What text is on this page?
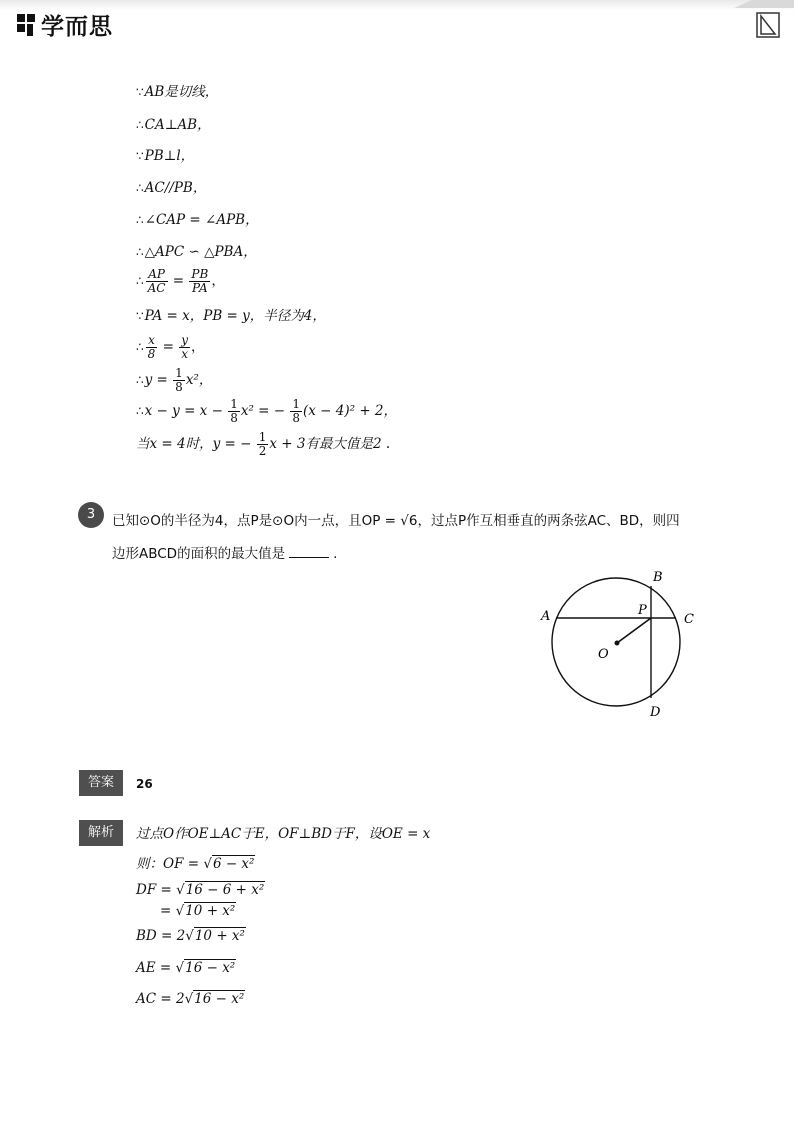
学而思
∵AB是切线，
∴CA⊥AB，
∵PB⊥l，
∴AC//PB，
∴∠CAP = ∠APB，
∴△APC ∽ △PBA，
∴ $\frac{AP}{AC} = \frac{PB}{PA}$ ，
∵PA = x，PB = y，半径为4，
∴ $\frac{x}{8} = \frac{y}{x}$ ，
∴y = $\frac{1}{8} x^2$，
∴x − $y = x - \frac{1}{8} x^2$ = − $\frac{1}{8} (x - 4)^2 + 2$，
当x = 4时，y = − $\frac{1}{2}$ x + 3有最大值是2 .
3	已知⊙O的半径为4，点P是⊙O内一点，且OP = √6，过点P作互相垂直的两条弦AC、BD，则四
边形ABCD的面积的最大值是	.
A
B
C
D
O
P
答案	26
解析	过点O作OE⊥AC于E，OF⊥BD于F，设OE = x
则：OF = √6 − x²
DF = √16 − 6 + x²
= √10 + x²
BD = 2√10 + x²
AE = √16 − x²
AC = 2√16 − x²
